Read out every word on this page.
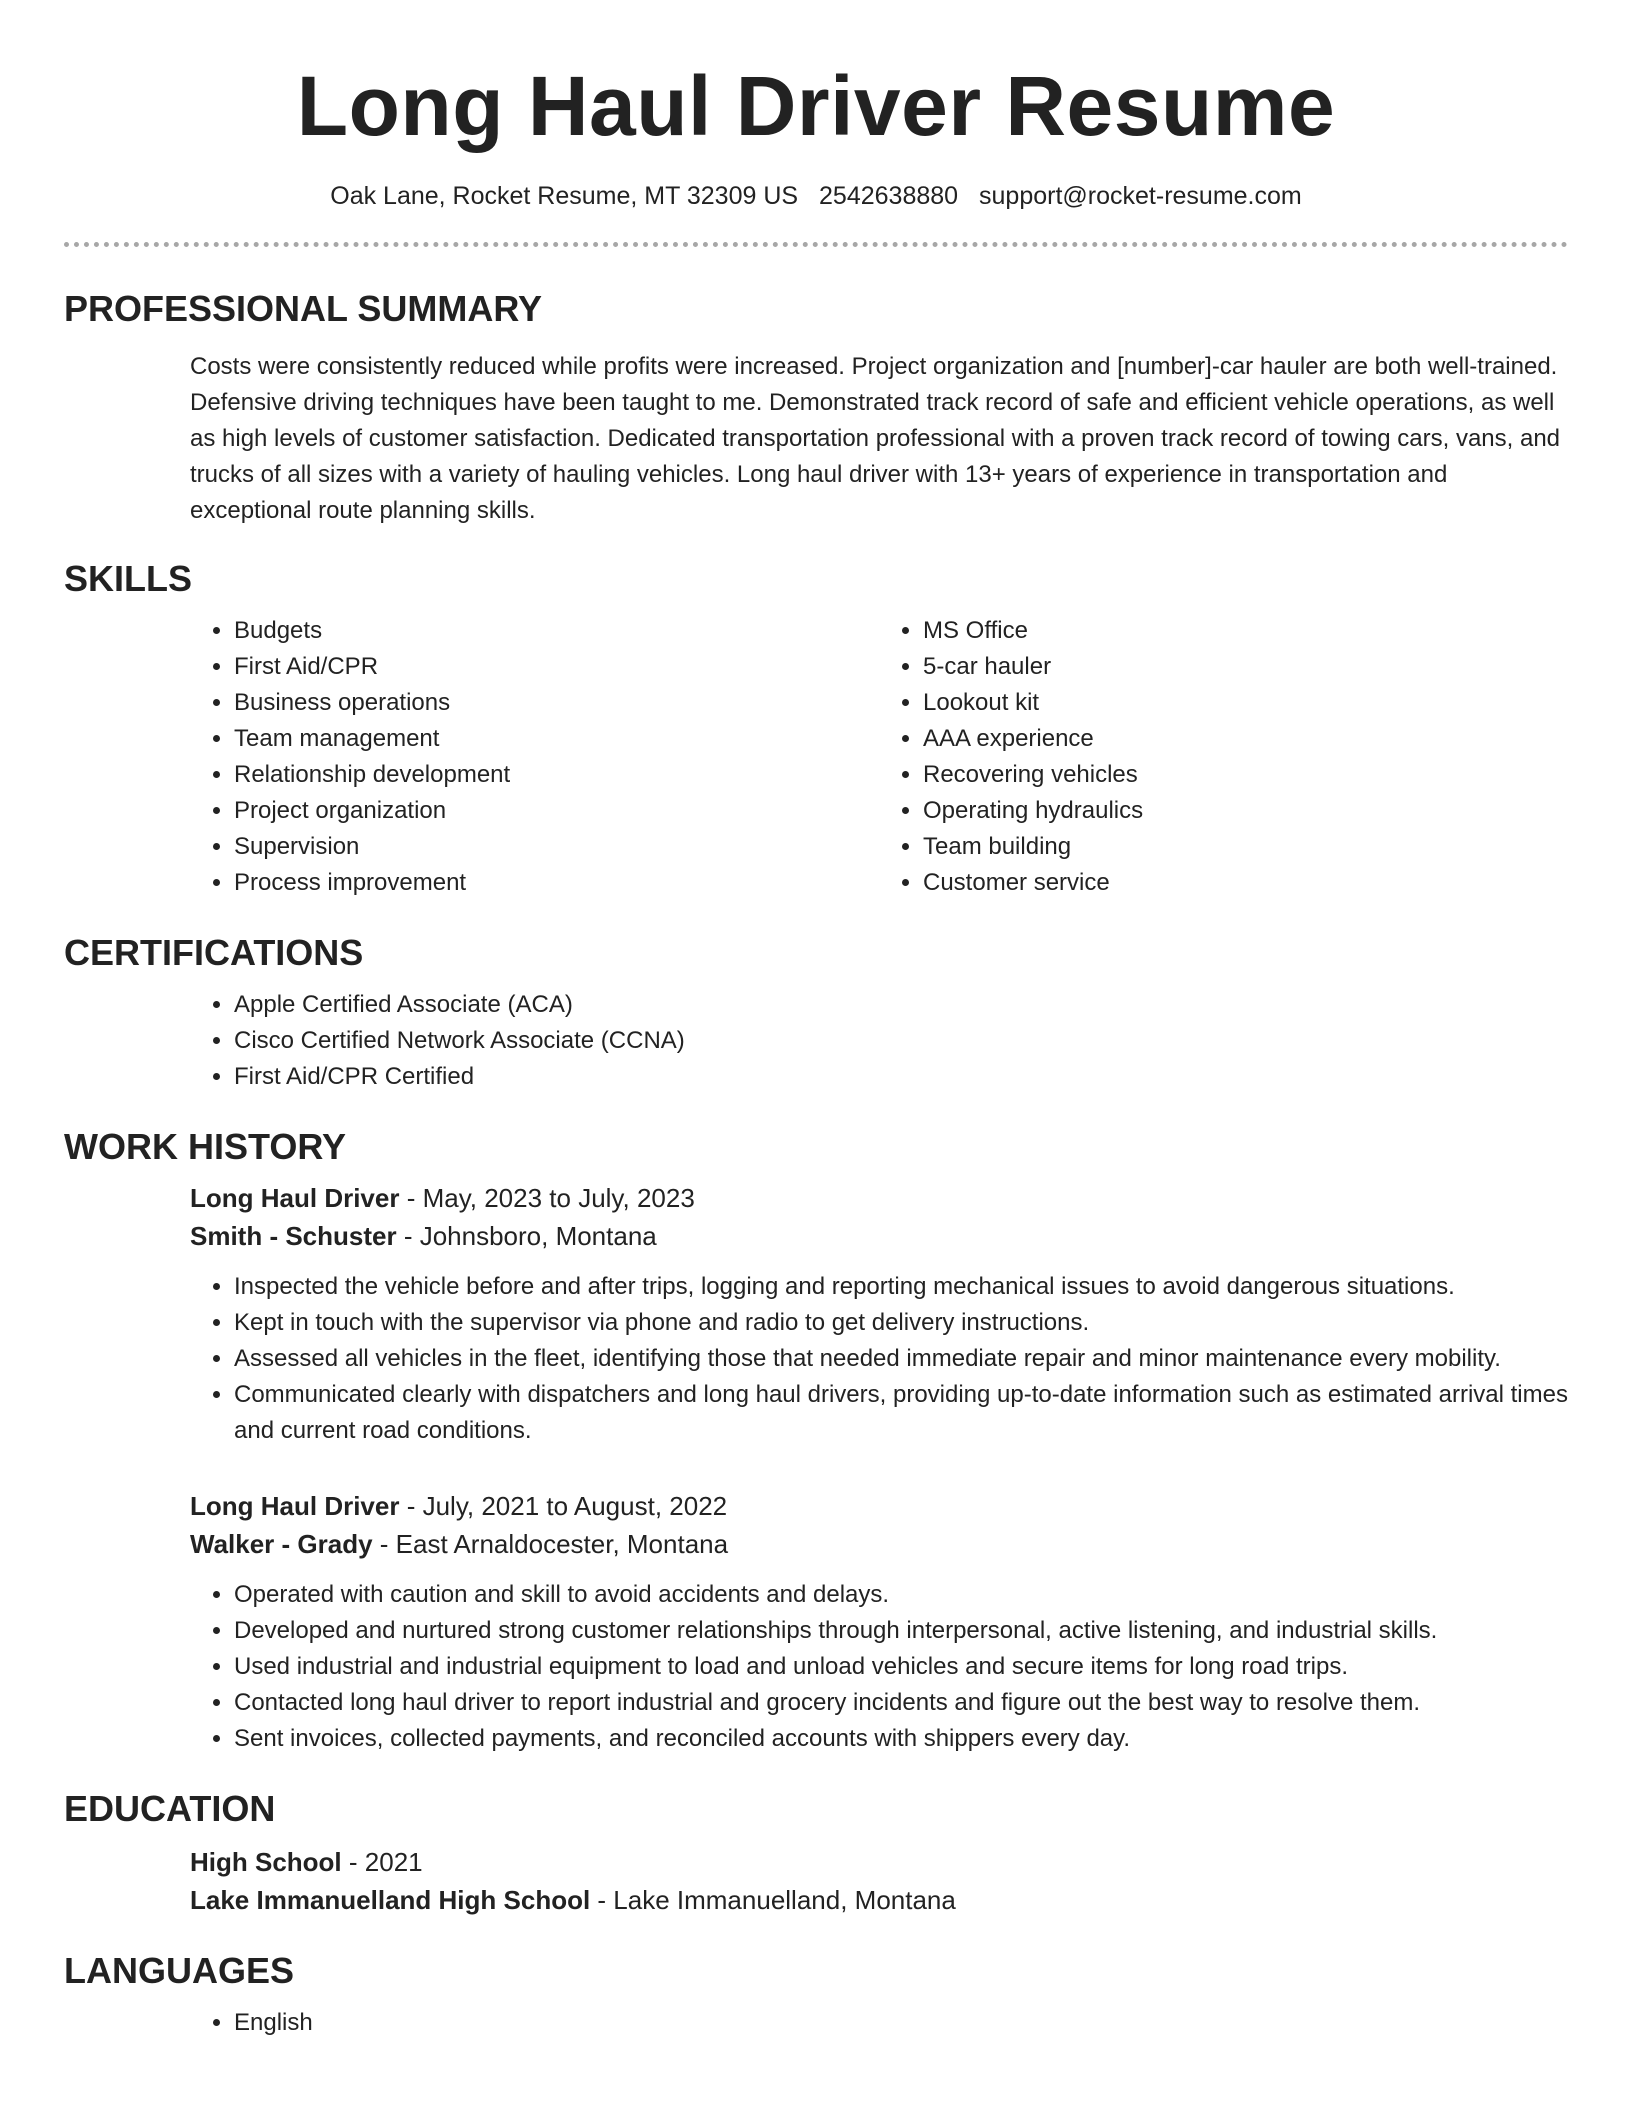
Long Haul Driver Resume
Oak Lane, Rocket Resume, MT 32309 US 2542638880 support@rocket-resume.com
PROFESSIONAL SUMMARY
Costs were consistently reduced while profits were increased. Project organization and [number]-car hauler are both well-trained. Defensive driving techniques have been taught to me. Demonstrated track record of safe and efficient vehicle operations, as well as high levels of customer satisfaction. Dedicated transportation professional with a proven track record of towing cars, vans, and trucks of all sizes with a variety of hauling vehicles. Long haul driver with 13+ years of experience in transportation and exceptional route planning skills.
SKILLS
• Budgets
• First Aid/CPR
• Business operations
• Team management
• Relationship development
• Project organization
• Supervision
• Process improvement
• MS Office
• 5-car hauler
• Lookout kit
• AAA experience
• Recovering vehicles
• Operating hydraulics
• Team building
• Customer service
CERTIFICATIONS
• Apple Certified Associate (ACA)
• Cisco Certified Network Associate (CCNA)
• First Aid/CPR Certified
WORK HISTORY
Long Haul Driver - May, 2023 to July, 2023
Smith - Schuster - Johnsboro, Montana
• Inspected the vehicle before and after trips, logging and reporting mechanical issues to avoid dangerous situations.
• Kept in touch with the supervisor via phone and radio to get delivery instructions.
• Assessed all vehicles in the fleet, identifying those that needed immediate repair and minor maintenance every mobility.
• Communicated clearly with dispatchers and long haul drivers, providing up-to-date information such as estimated arrival times and current road conditions.
Long Haul Driver - July, 2021 to August, 2022
Walker - Grady - East Arnaldocester, Montana
• Operated with caution and skill to avoid accidents and delays.
• Developed and nurtured strong customer relationships through interpersonal, active listening, and industrial skills.
• Used industrial and industrial equipment to load and unload vehicles and secure items for long road trips.
• Contacted long haul driver to report industrial and grocery incidents and figure out the best way to resolve them.
• Sent invoices, collected payments, and reconciled accounts with shippers every day.
EDUCATION
High School - 2021
Lake Immanuelland High School - Lake Immanuelland, Montana
LANGUAGES
• English
